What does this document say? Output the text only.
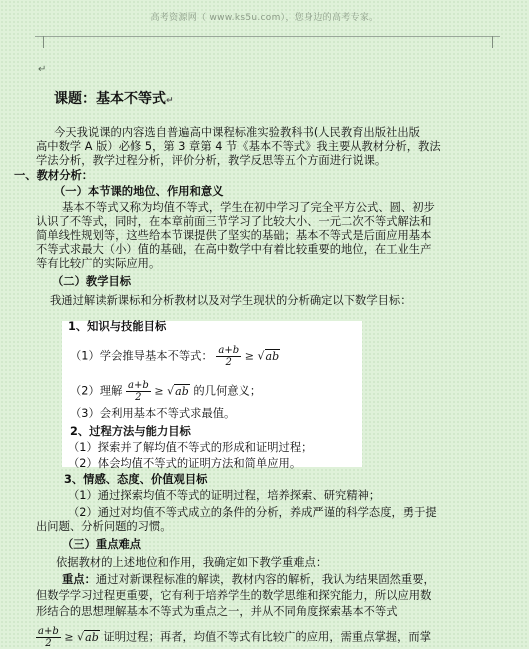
高考资源网（ www.ks5u.com），您身边的高考专家。
↵
课题：基本不等式↵
今天我说课的内容选自普遍高中课程标准实验教科书(人民教育出版社出版
高中数学 A 版）必修 5，第 3 章第 4 节《基本不等式》我主要从教材分析，教法
学法分析，教学过程分析，评价分析，教学反思等五个方面进行说课。
一、教材分析：
（一）本节课的地位、作用和意义
基本不等式又称为均值不等式，学生在初中学习了完全平方公式、圆、初步
认识了不等式，同时，在本章前面三节学习了比较大小、一元二次不等式解法和
简单线性规划等，这些给本节课提供了坚实的基础；基本不等式是后面应用基本
不等式求最大（小）值的基础，在高中数学中有着比较重要的地位，在工业生产
等有比较广的实际应用。
（二）教学目标
我通过解读新课标和分析教材以及对学生现状的分析确定以下数学目标：
1、知识与技能目标
（1）学会推导基本不等式： $\frac{a+b}{2} \ge √ab$
（2）理解 $\frac{a+b}{2} \ge √ab$ 的几何意义；
（3）会利用基本不等式求最值。
2、过程方法与能力目标
（1）探索并了解均值不等式的形成和证明过程；
（2）体会均值不等式的证明方法和简单应用。
3、情感、态度、价值观目标
（1）通过探索均值不等式的证明过程，培养探索、研究精神；
（2）通过对均值不等式成立的条件的分析，养成严谨的科学态度，勇于提
出问题、分析问题的习惯。
（三）重点难点
依据教材的上述地位和作用，我确定如下教学重难点：
重点：通过对新课程标准的解读，教材内容的解析，我认为结果固然重要，
但数学学习过程更重要，它有利于培养学生的数学思维和探究能力，所以应用数
形结合的思想理解基本不等式为重点之一，并从不同角度探索基本不等式
$\frac{a+b}{2} \ge √ab$ 证明过程；再者，均值不等式有比较广的应用，需重点掌握，而掌
